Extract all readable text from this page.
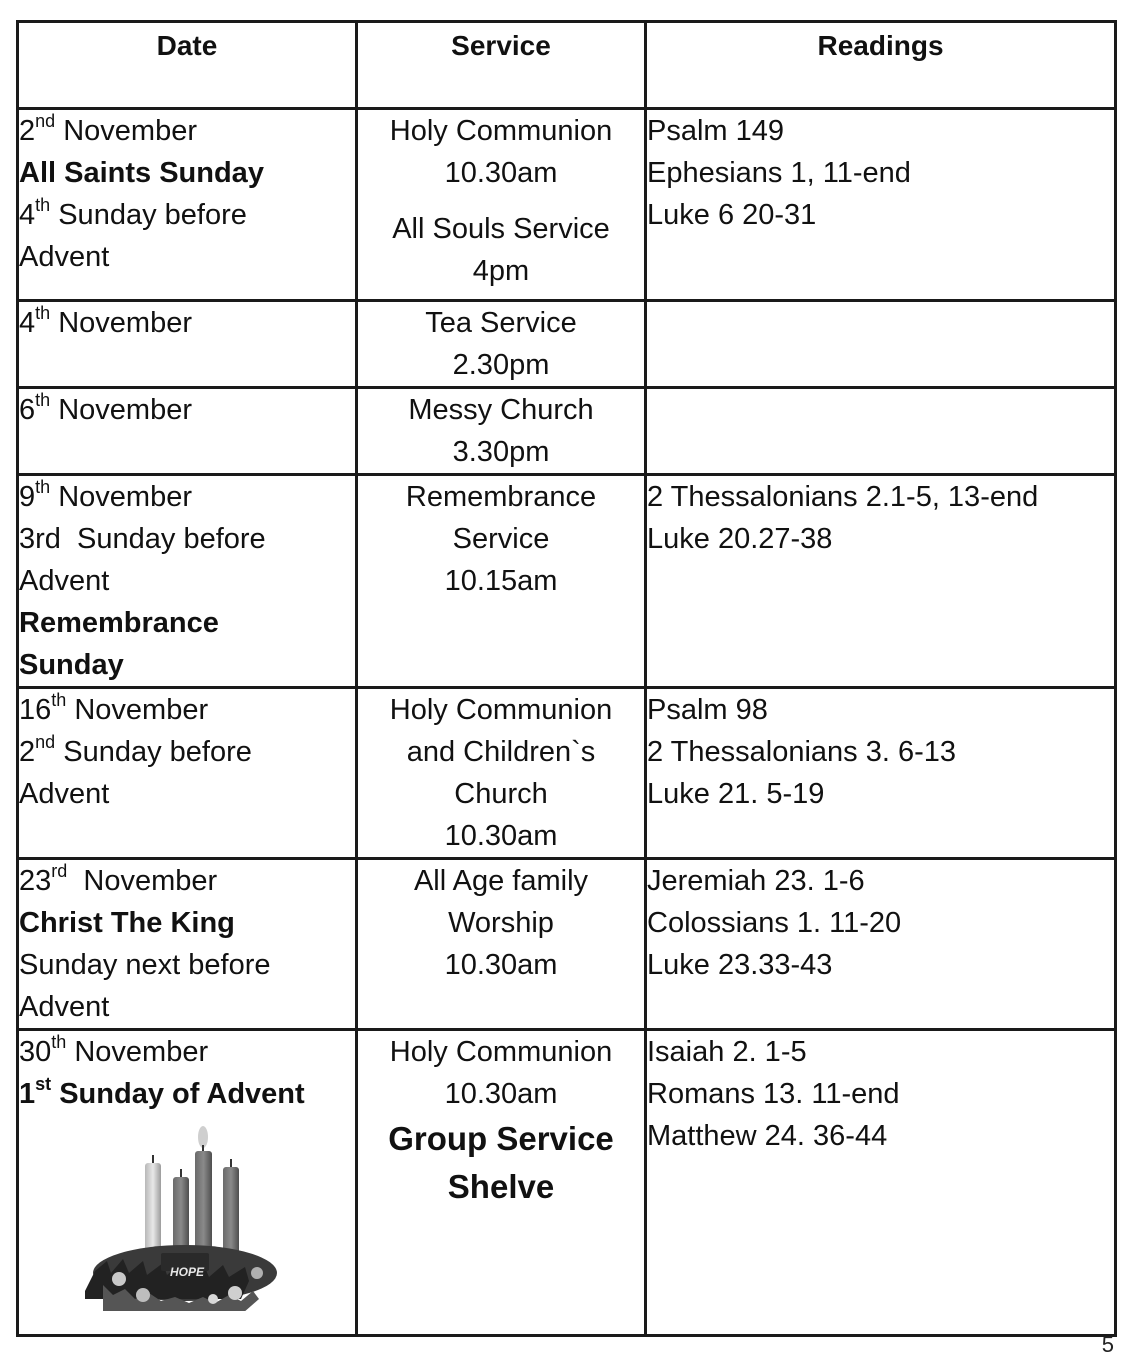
Date	Service	Readings

2nd November
All Saints Sunday
4th Sunday before
Advent	Holy Communion
10.30am
All Souls Service
4pm	Psalm 149
Ephesians 1, 11-end
Luke 6 20-31

4th November	Tea Service
2.30pm	

6th November	Messy Church
3.30pm	

9th November
3rd  Sunday before
Advent
Remembrance
Sunday	Remembrance
Service
10.15am	2 Thessalonians 2.1-5, 13-end
Luke 20.27-38

16th November
2nd Sunday before
Advent	Holy Communion
and Children`s
Church
10.30am	Psalm 98
2 Thessalonians 3. 6-13
Luke 21. 5-19

23rd  November
Christ The King
Sunday next before
Advent	All Age family
Worship
10.30am	Jeremiah 23. 1-6
Colossians 1. 11-20
Luke 23.33-43

30th November
1st Sunday of Advent
HOPE	Holy Communion
10.30am
Group Service
Shelve	Isaiah 2. 1-5
Romans 13. 11-end
Matthew 24. 36-44
5
